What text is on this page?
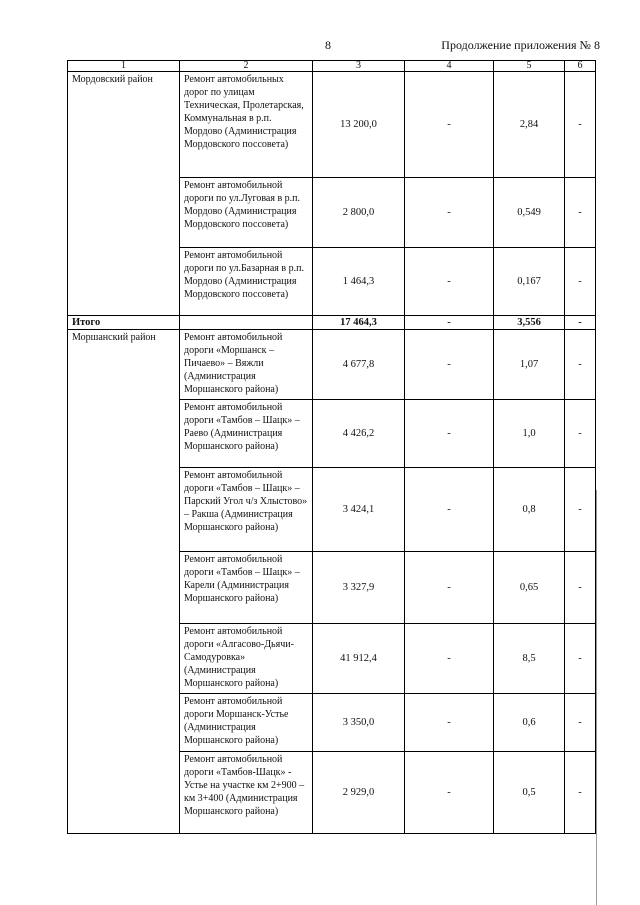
8	Продолжение приложения № 8
1	2	3	4	5	6
Мордовский район	Ремонт автомобильных дорог по улицам Техническая, Пролетарская, Коммунальная в р.п. Мордово (Администрация Мордовского поссовета)	13 200,0	-	2,84	-
	Ремонт автомобильной дороги по ул.Луговая в р.п. Мордово (Администрация Мордовского поссовета)	2 800,0	-	0,549	-
	Ремонт автомобильной дороги по ул.Базарная в р.п. Мордово (Администрация Мордовского поссовета)	1 464,3	-	0,167	-
Итого		17 464,3	-	3,556	-
Моршанский район	Ремонт автомобильной дороги «Моршанск – Пичаево» – Вяжли (Администрация Моршанского района)	4 677,8	-	1,07	-
	Ремонт автомобильной дороги «Тамбов – Шацк» – Раево (Администрация Моршанского района)	4 426,2	-	1,0	-
	Ремонт автомобильной дороги «Тамбов – Шацк» – Парский Угол ч/з Хлыстово» – Ракша (Администрация Моршанского района)	3 424,1	-	0,8	-
	Ремонт автомобильной дороги «Тамбов – Шацк» – Карели (Администрация Моршанского района)	3 327,9	-	0,65	-
	Ремонт автомобильной дороги «Алгасово-Дьячи-Самодуровка» (Администрация Моршанского района)	41 912,4	-	8,5	-
	Ремонт автомобильной дороги Моршанск-Устье (Администрация Моршанского района)	3 350,0	-	0,6	-
	Ремонт автомобильной дороги «Тамбов-Шацк» - Устье на участке км 2+900 – км 3+400 (Администрация Моршанского района)	2 929,0	-	0,5	-
